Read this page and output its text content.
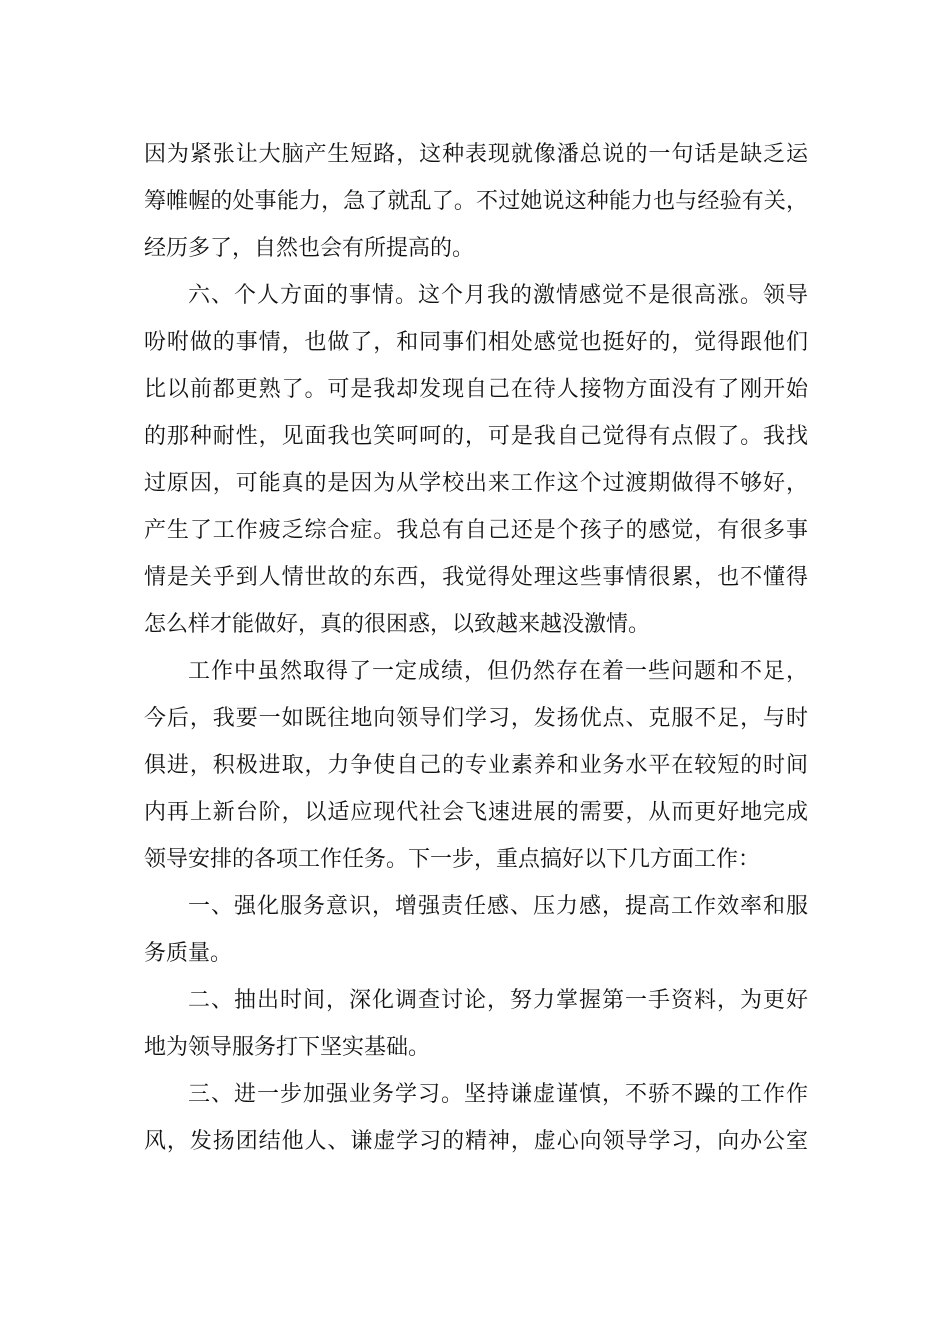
因为紧张让大脑产生短路，这种表现就像潘总说的一句话是缺乏运
筹帷幄的处事能力，急了就乱了。不过她说这种能力也与经验有关，
经历多了，自然也会有所提高的。
六、个人方面的事情。这个月我的激情感觉不是很高涨。领导
吩咐做的事情，也做了，和同事们相处感觉也挺好的，觉得跟他们
比以前都更熟了。可是我却发现自己在待人接物方面没有了刚开始
的那种耐性，见面我也笑呵呵的，可是我自己觉得有点假了。我找
过原因，可能真的是因为从学校出来工作这个过渡期做得不够好，
产生了工作疲乏综合症。我总有自己还是个孩子的感觉，有很多事
情是关乎到人情世故的东西，我觉得处理这些事情很累，也不懂得
怎么样才能做好，真的很困惑，以致越来越没激情。
工作中虽然取得了一定成绩，但仍然存在着一些问题和不足，
今后，我要一如既往地向领导们学习，发扬优点、克服不足，与时
俱进，积极进取，力争使自己的专业素养和业务水平在较短的时间
内再上新台阶，以适应现代社会飞速进展的需要，从而更好地完成
领导安排的各项工作任务。下一步，重点搞好以下几方面工作：
一、强化服务意识，增强责任感、压力感，提高工作效率和服
务质量。
二、抽出时间，深化调查讨论，努力掌握第一手资料，为更好
地为领导服务打下坚实基础。
三、进一步加强业务学习。坚持谦虚谨慎，不骄不躁的工作作
风，发扬团结他人、谦虚学习的精神，虚心向领导学习，向办公室
